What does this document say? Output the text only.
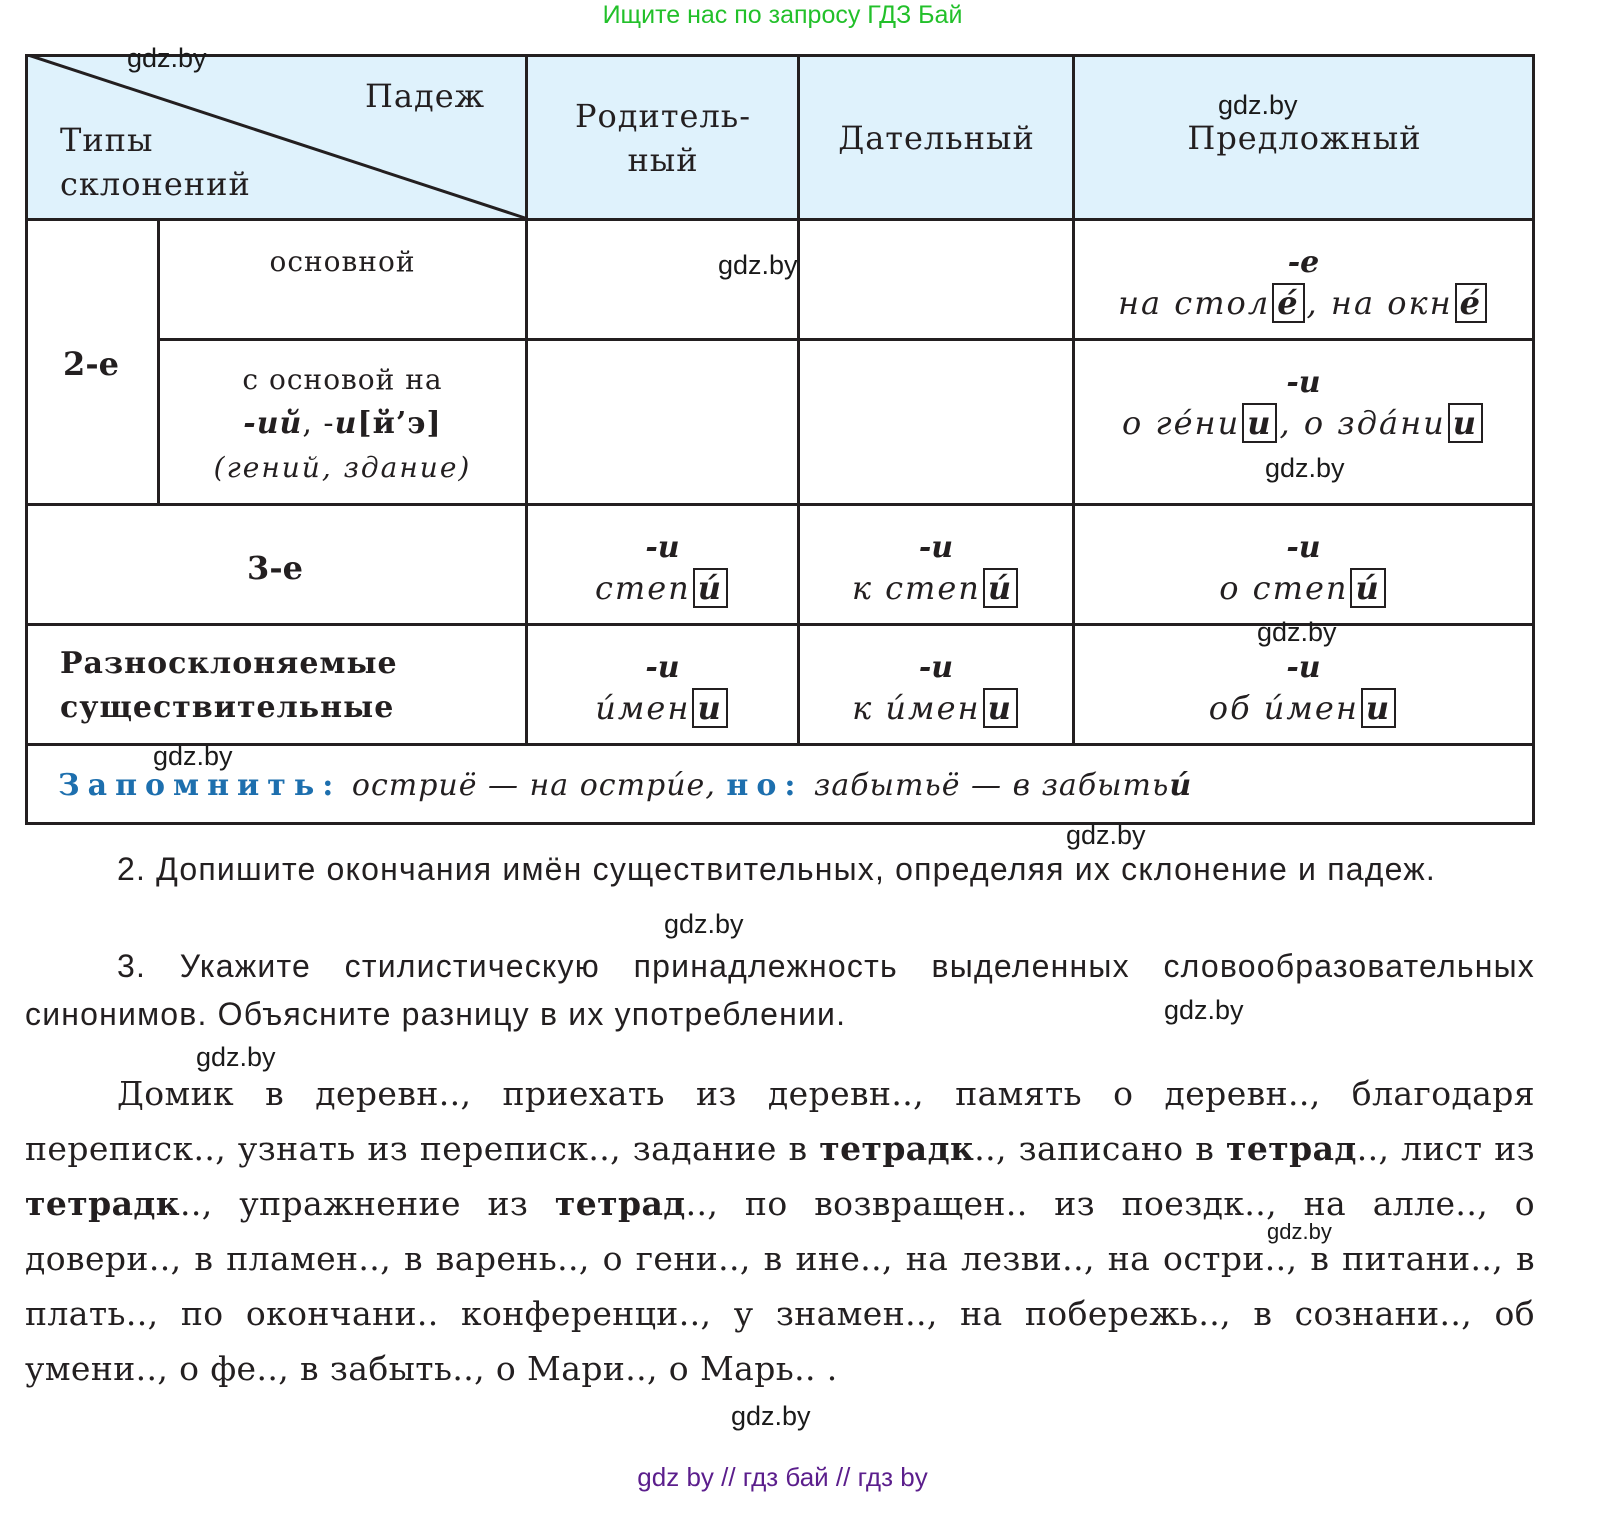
Ищите нас по запросу ГДЗ Бай
Падеж
Типы
склонений
Родитель-
ный
Дательный	Предложный
2-е
основной	-е
на стол е́ , на окн е́
с основой на
-ий, -и[й’э]
(гений, здание)
-и
о ге́ни и , о зда́ни и
3-е
-и
степ и́
-и
к степ и́
-и
о степ и́
Разносклоняемые
существительные
-и
и́мен и
-и
к и́мен и
-и
об и́мен и
Запомнить: остриё — на остри́е, но: забытьё — в забытьи́
2. Допишите окончания имён существительных, определяя их склонение и падеж.
3. Укажите стилистическую принадлежность выделенных словообразовательных синонимов. Объясните разницу в их употреблении.
Домик в деревн.., приехать из деревн.., память о деревн.., благодаря переписк.., узнать из переписк.., задание в тетрадк.., записано в тетрад.., лист из тетрадк.., упражнение из тетрад.., по возвращен.. из поездк.., на алле.., о довери.., в пламен.., в варень.., о гени.., в ине.., на лезви.., на остри.., в питани.., в плать.., по окончани.. конференци.., у знамен.., на побережь.., в сознани.., об умени.., о фе.., в забыть.., о Мари.., о Марь.. .
gdz by // гдз бай // гдз by
gdz.by
gdz.by
gdz.by
gdz.by
gdz.by
gdz.by
gdz.by
gdz.by
gdz.by
gdz.by
gdz.by
gdz.by
